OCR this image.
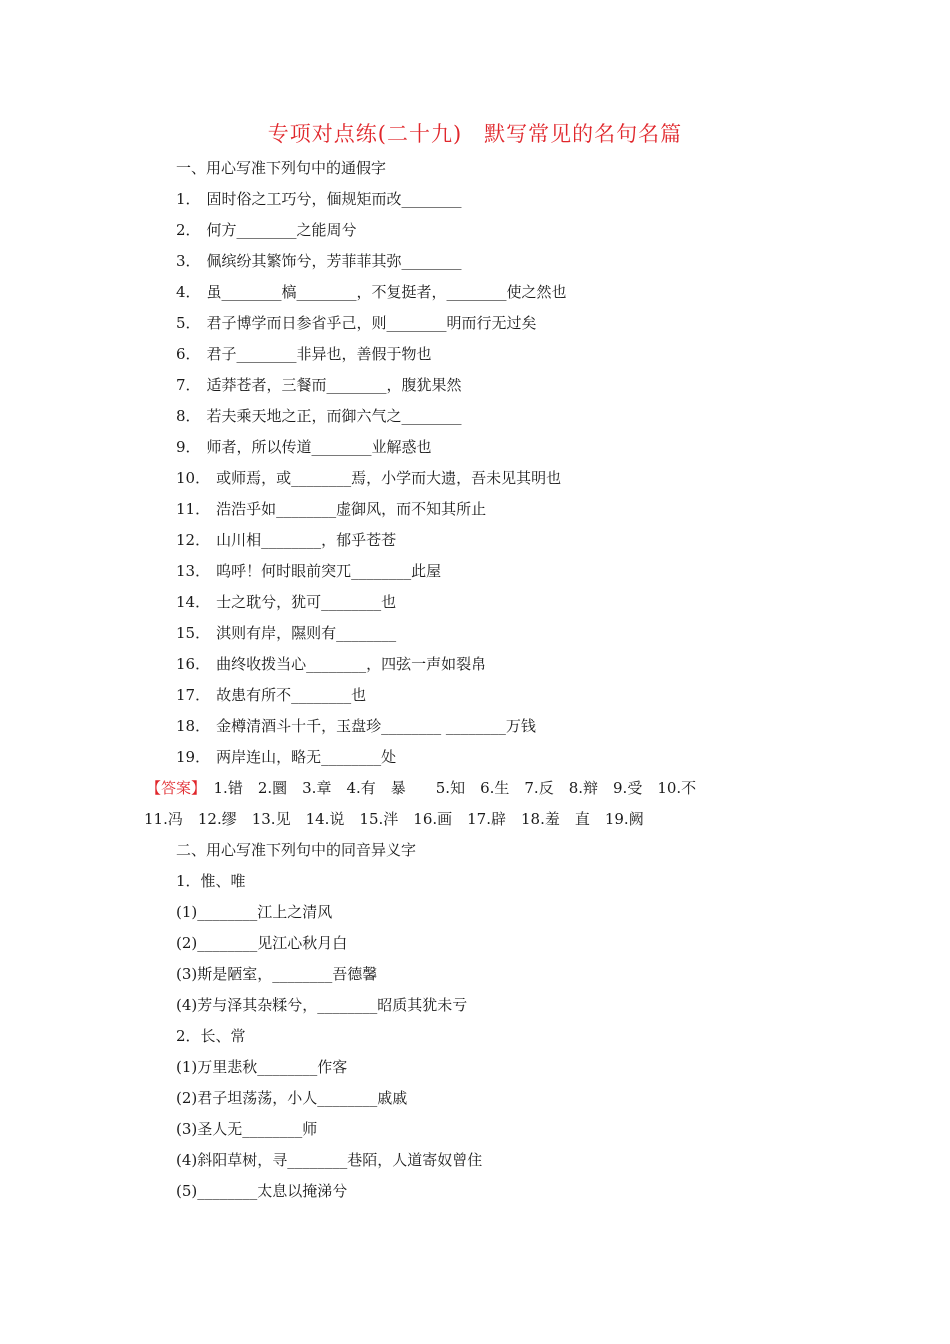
专项对点练(二十九)　默写常见的名句名篇
一、用心写准下列句中的通假字
1． 固时俗之工巧兮，偭规矩而改________
2． 何方________之能周兮
3． 佩缤纷其繁饰兮，芳菲菲其弥________
4． 虽________槁________，不复挺者，________使之然也
5． 君子博学而日参省乎己，则________明而行无过矣
6． 君子________非异也，善假于物也
7． 适莽苍者，三餐而________，腹犹果然
8． 若夫乘天地之正，而御六气之________
9． 师者，所以传道________业解惑也
10． 或师焉，或________焉，小学而大遗，吾未见其明也
11． 浩浩乎如________虚御风，而不知其所止
12． 山川相________，郁乎苍苍
13． 呜呼！何时眼前突兀________此屋
14． 士之耽兮，犹可________也
15． 淇则有岸，隰则有________
16． 曲终收拨当心________，四弦一声如裂帛
17． 故患有所不________也
18． 金樽清酒斗十千，玉盘珍________ ________万钱
19． 两岸连山，略无________处
【答案】　1.错　2.圜　3.章　4.有　暴　　5.知　6.生　7.反　8.辩　9.受　10.不
11.冯　12.缪　13.见　14.说　15.泮　16.画　17.辟　18.羞　直　19.阙
二、用心写准下列句中的同音异义字
1．惟、唯
(1)________江上之清风
(2)________见江心秋月白
(3)斯是陋室，________吾德馨
(4)芳与泽其杂糅兮，________昭质其犹未亏
2．长、常
(1)万里悲秋________作客
(2)君子坦荡荡，小人________戚戚
(3)圣人无________师
(4)斜阳草树，寻________巷陌，人道寄奴曾住
(5)________太息以掩涕兮
